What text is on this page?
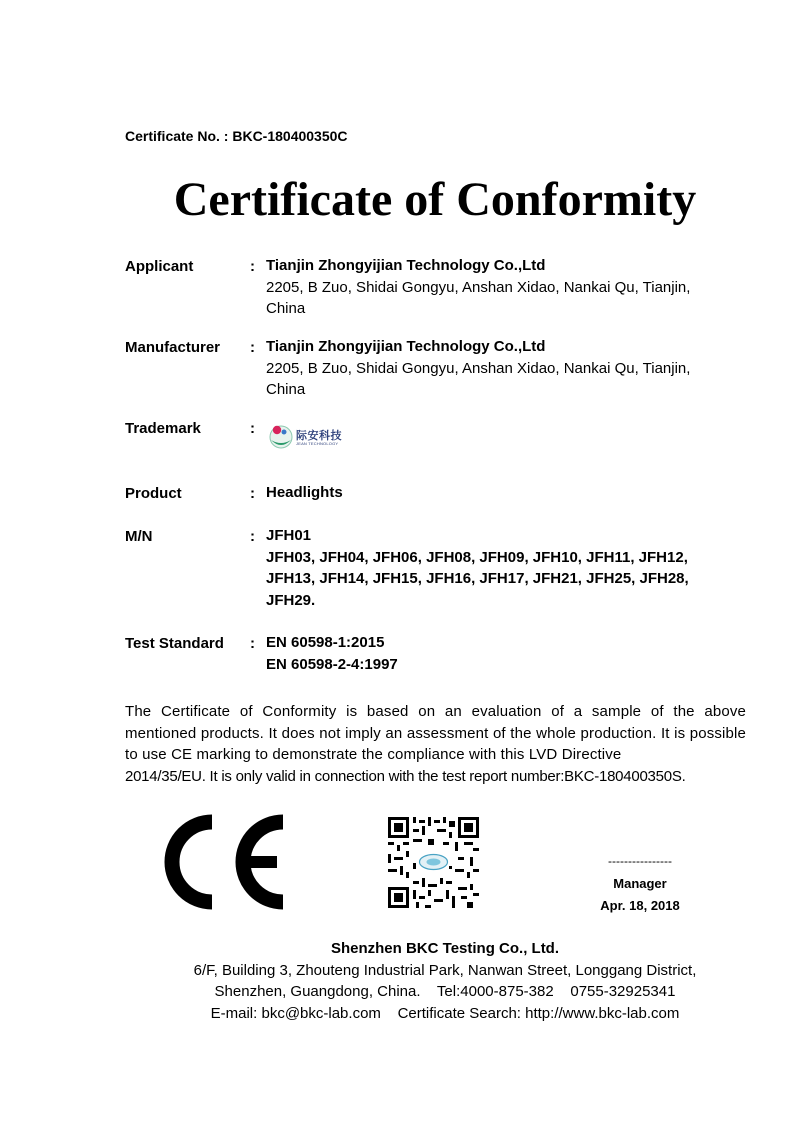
Certificate No. : BKC-180400350C
Certificate of Conformity
Applicant	: Tianjin Zhongyijian Technology Co.,Ltd
2205, B Zuo, Shidai Gongyu, Anshan Xidao, Nankai Qu, Tianjin,
China
Manufacturer : Tianjin Zhongyijian Technology Co.,Ltd
2205, B Zuo, Shidai Gongyu, Anshan Xidao, Nankai Qu, Tianjin,
China
Trademark	:	际安科技
JEAN TECHNOLOGY
Product	: Headlights
M/N	: JFH01
JFH03, JFH04, JFH06, JFH08, JFH09, JFH10, JFH11, JFH12,
JFH13, JFH14, JFH15, JFH16, JFH17, JFH21, JFH25, JFH28,
JFH29.
Test Standard : EN 60598-1:2015
EN 60598-2-4:1997
The Certificate of Conformity is based on an evaluation of a sample of the above mentioned products. It does not imply an assessment of the whole production. It is possible to use CE marking to demonstrate the compliance with this LVD Directive
2014/35/EU. It is only valid in connection with the test report number:BKC-180400350S.
CE
----------------
Manager
Apr. 18, 2018
Shenzhen BKC Testing Co., Ltd.
6/F, Building 3, Zhouteng Industrial Park, Nanwan Street, Longgang District,
Shenzhen, Guangdong, China.    Tel:4000-875-382    0755-32925341
E-mail: bkc@bkc-lab.com    Certificate Search: http://www.bkc-lab.com
